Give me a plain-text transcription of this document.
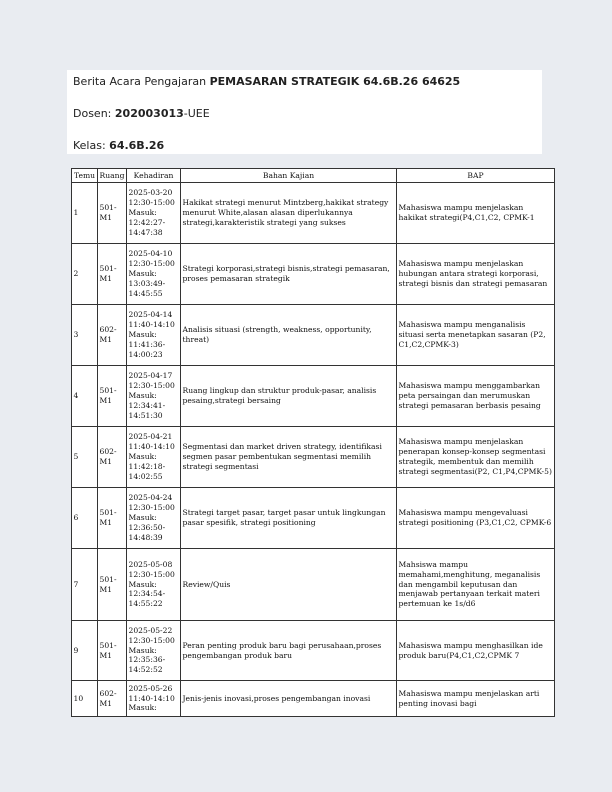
Berita Acara Pengajaran PEMASARAN STRATEGIK 64.6B.26 64625
Dosen: 202003013-UEE
Kelas: 64.6B.26
Temu	Ruang	Kehadiran	Bahan Kajian	BAP
1	501-M1	2025-03-20
12:30-15:00
Masuk:
12:42:27-
14:47:38	Hakikat strategi menurut Mintzberg,hakikat strategy menurut White,alasan alasan diperlukannya strategi,karakteristik strategi yang sukses	Mahasiswa mampu menjelaskan hakikat strategi(P4,C1,C2, CPMK-1
2	501-M1	2025-04-10
12:30-15:00
Masuk:
13:03:49-
14:45:55	Strategi korporasi,strategi bisnis,strategi pemasaran, proses pemasaran strategik	Mahasiswa mampu menjelaskan hubungan antara strategi korporasi, strategi bisnis dan strategi pemasaran
3	602-M1	2025-04-14
11:40-14:10
Masuk:
11:41:36-
14:00:23	Analisis situasi (strength, weakness, opportunity, threat)	Mahasiswa mampu menganalisis situasi serta menetapkan sasaran (P2, C1,C2,CPMK-3)
4	501-M1	2025-04-17
12:30-15:00
Masuk:
12:34:41-
14:51:30	Ruang lingkup dan struktur produk-pasar, analisis pesaing,strategi bersaing	Mahasiswa mampu menggambarkan peta persaingan dan merumuskan strategi pemasaran berbasis pesaing
5	602-M1	2025-04-21
11:40-14:10
Masuk:
11:42:18-
14:02:55	Segmentasi dan market driven strategy, identifikasi segmen pasar pembentukan segmentasi memilih strategi segmentasi	Mahasiswa mampu menjelaskan penerapan konsep-konsep segmentasi strategik, membentuk dan memilih strategi segmentasi(P2, C1,P4,CPMK-5)
6	501-M1	2025-04-24
12:30-15:00
Masuk:
12:36:50-
14:48:39	Strategi target pasar, target pasar untuk lingkungan pasar spesifik, strategi positioning	Mahasiswa mampu mengevaluasi strategi positioning (P3,C1,C2, CPMK-6
7	501-M1	2025-05-08
12:30-15:00
Masuk:
12:34:54-
14:55:22	Review/Quis	Mahsiswa mampu memahami,menghitung, meganalisis dan mengambil keputusan dan menjawab pertanyaan terkait materi pertemuan ke 1s/d6
9	501-M1	2025-05-22
12:30-15:00
Masuk:
12:35:36-
14:52:52	Peran penting produk baru bagi perusahaan,proses pengembangan produk baru	Mahasiswa mampu menghasilkan ide produk baru(P4,C1,C2,CPMK 7
10	602-M1	2025-05-26
11:40-14:10
Masuk:	Jenis-jenis inovasi,proses pengembangan inovasi	Mahasiswa mampu menjelaskan arti penting inovasi bagi
